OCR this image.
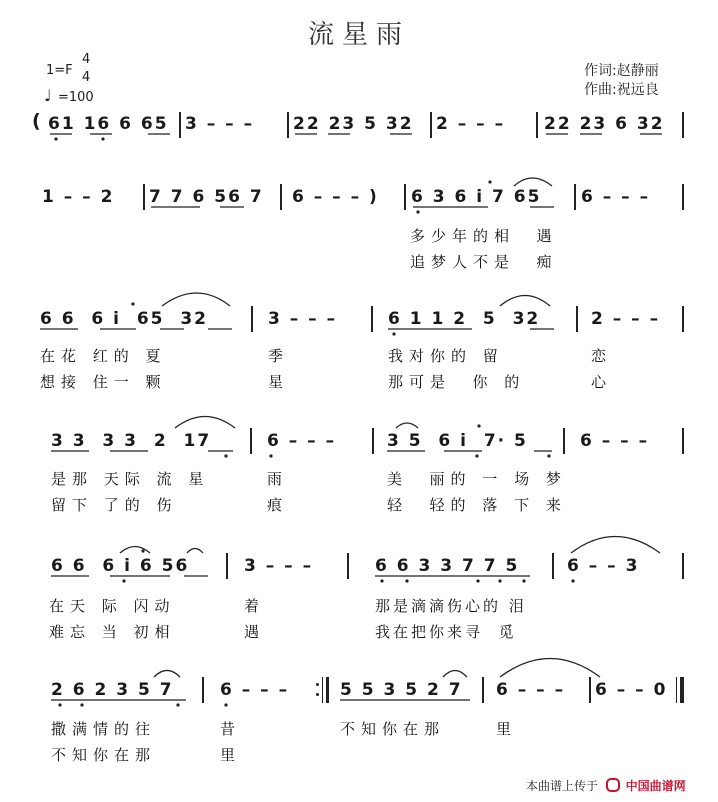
流星雨
1=F
4
4
♩ =100
作词:赵静丽
作曲:祝远良
( 61 16 6 65 3 – – – 22 23 5 32 2 – – – 22 23 6 32
1 – – 2 7 7 6 56 7 6 – – – ) 6 3 6 i 7 65 6 – – –
多少年的相  遇
追梦人不是  痴
6 6  6 i  65  32	3 – – –	6 1 1 2  5  32	2 – – –
在花 红的 夏	季	我对你的 留	恋
想接 住一 颗	星	那可是  你 的	心
3 3  3 3  2  17	6 – – –	3 5  6 i  7· 5	6 – – –
是那 天际 流 星	雨	美  丽的 一 场 梦
留下 了的 伤	痕	轻  轻的 落 下 来
6 6  6 i 6 56	3 – – –	6 6 3 3 7 7 5	6 – – 3
在天 际 闪动	着	那是滴滴伤心的 泪
难忘 当 初相	遇	我在把你来寻  觅
2 6 2 3 5 7	6 – – –	5 5 3 5 2 7 6 – – – 6 – – 0
撒满情的往	昔	不知你在那	里
不知你在那	里
本曲谱上传于 中国曲谱网
